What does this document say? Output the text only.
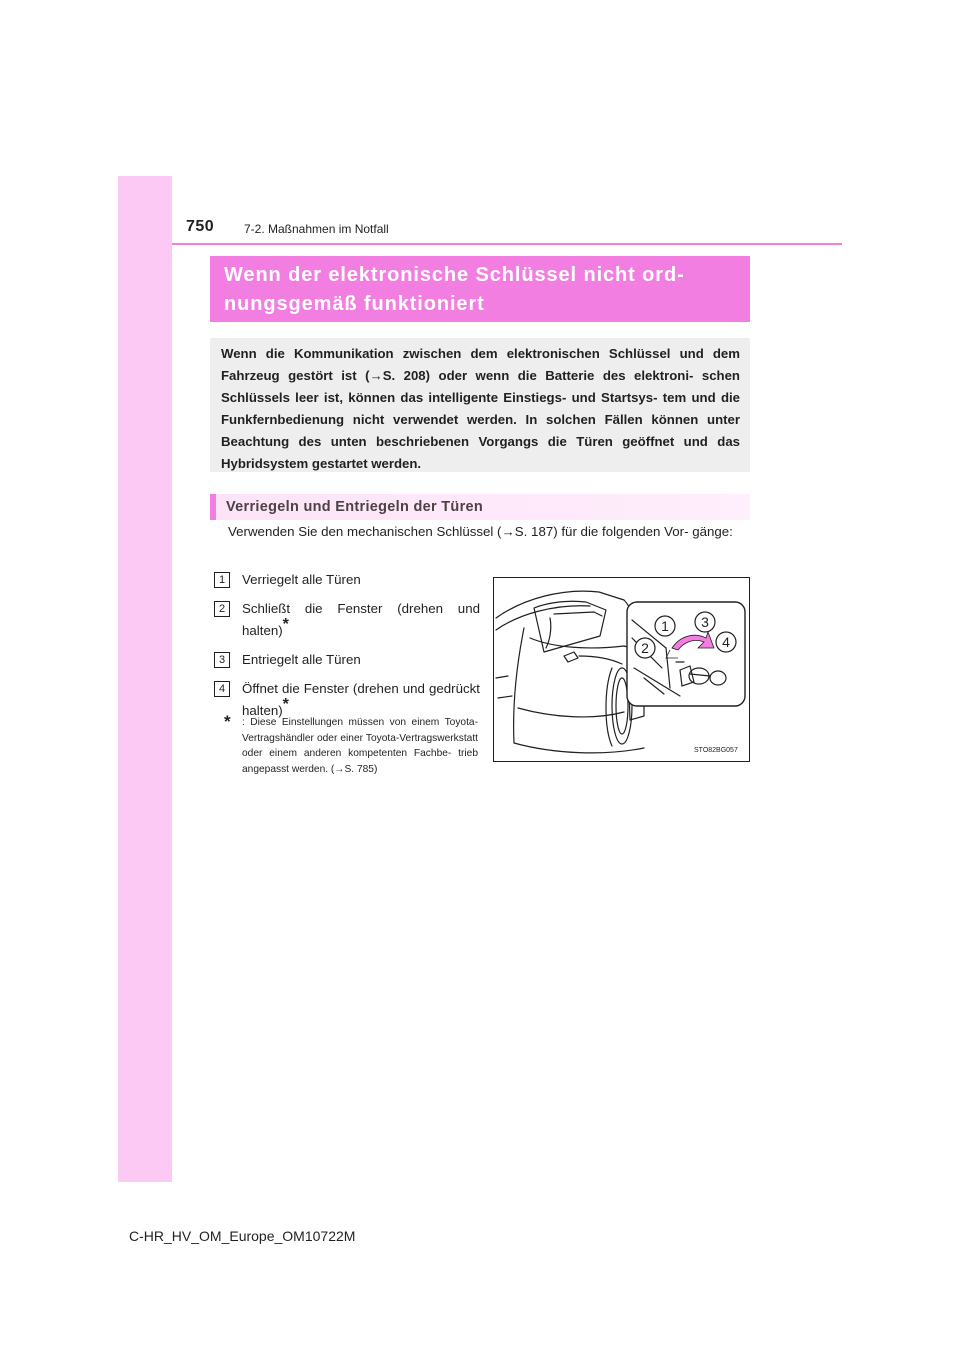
750 7-2. Maßnahmen im Notfall
Wenn der elektronische Schlüssel nicht ord-
nungsgemäß funktioniert
Wenn die Kommunikation zwischen dem elektronischen Schlüssel und dem Fahrzeug gestört ist (→S. 208) oder wenn die Batterie des elektroni- schen Schlüssels leer ist, können das intelligente Einstiegs- und Startsys- tem und die Funkfernbedienung nicht verwendet werden. In solchen Fällen können unter Beachtung des unten beschriebenen Vorgangs die Türen geöffnet und das Hybridsystem gestartet werden.
Verriegeln und Entriegeln der Türen
Verwenden Sie den mechanischen Schlüssel (→S. 187) für die folgenden Vor- gänge:
1	Verriegelt alle Türen
2	Schließt die Fenster (drehen und halten)*
3	Entriegelt alle Türen
4	Öffnet die Fenster (drehen und gedrückt halten)*
*	: Diese Einstellungen müssen von einem Toyota-Vertragshändler oder einer Toyota-Vertragswerkstatt oder einem anderen kompetenten Fachbe- trieb angepasst werden. (→S. 785)
1
2
3
4
STO82BG057
C-HR_HV_OM_Europe_OM10722M
